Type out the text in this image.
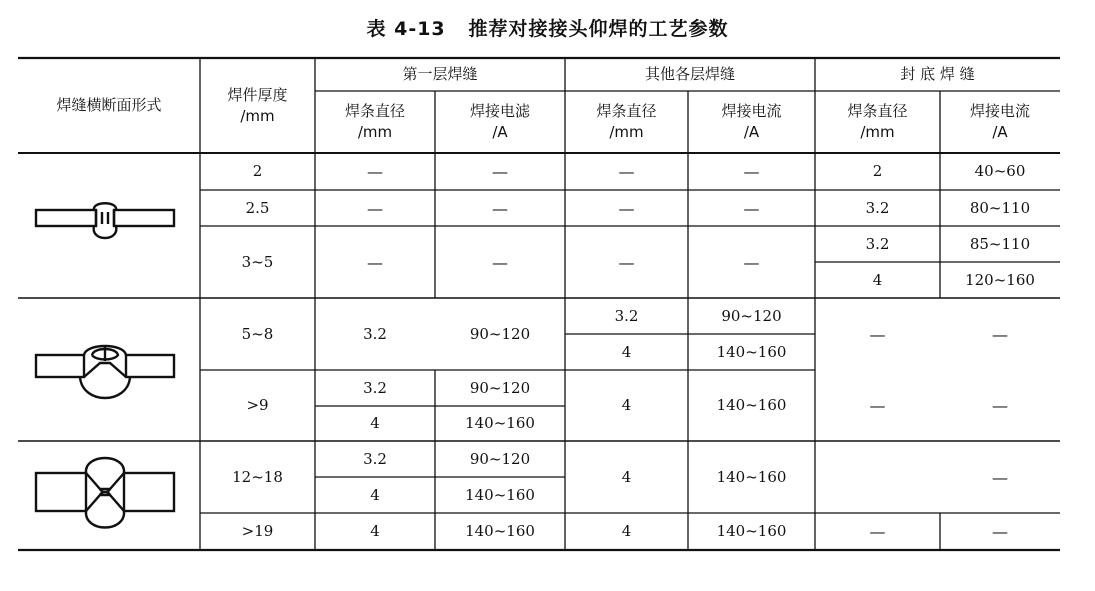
表 4-13   推荐对接接头仰焊的工艺参数
焊缝横断面形式
焊件厚度
/mm
第一层焊缝	其他各层焊缝	封 底 焊 缝
焊条直径
/mm
焊接电滤
/A
焊条直径
/mm
焊接电流
/A
焊条直径
/mm
焊接电流
/A
2
2.5
3~5
5~8
>9
12~18
>19
—
—
—
3.2
3.2
4
3.2
4
4
—
—
—
90~120
90~120
140~160
90~120
140~160
140~160
—
—
—
3.2
4
4
4
4
—
—
—
90~120
140~160
140~160
140~160
140~160
2
3.2
3.2
4
—
—
—
40~60
80~110
85~110
120~160
—
—
—
—
